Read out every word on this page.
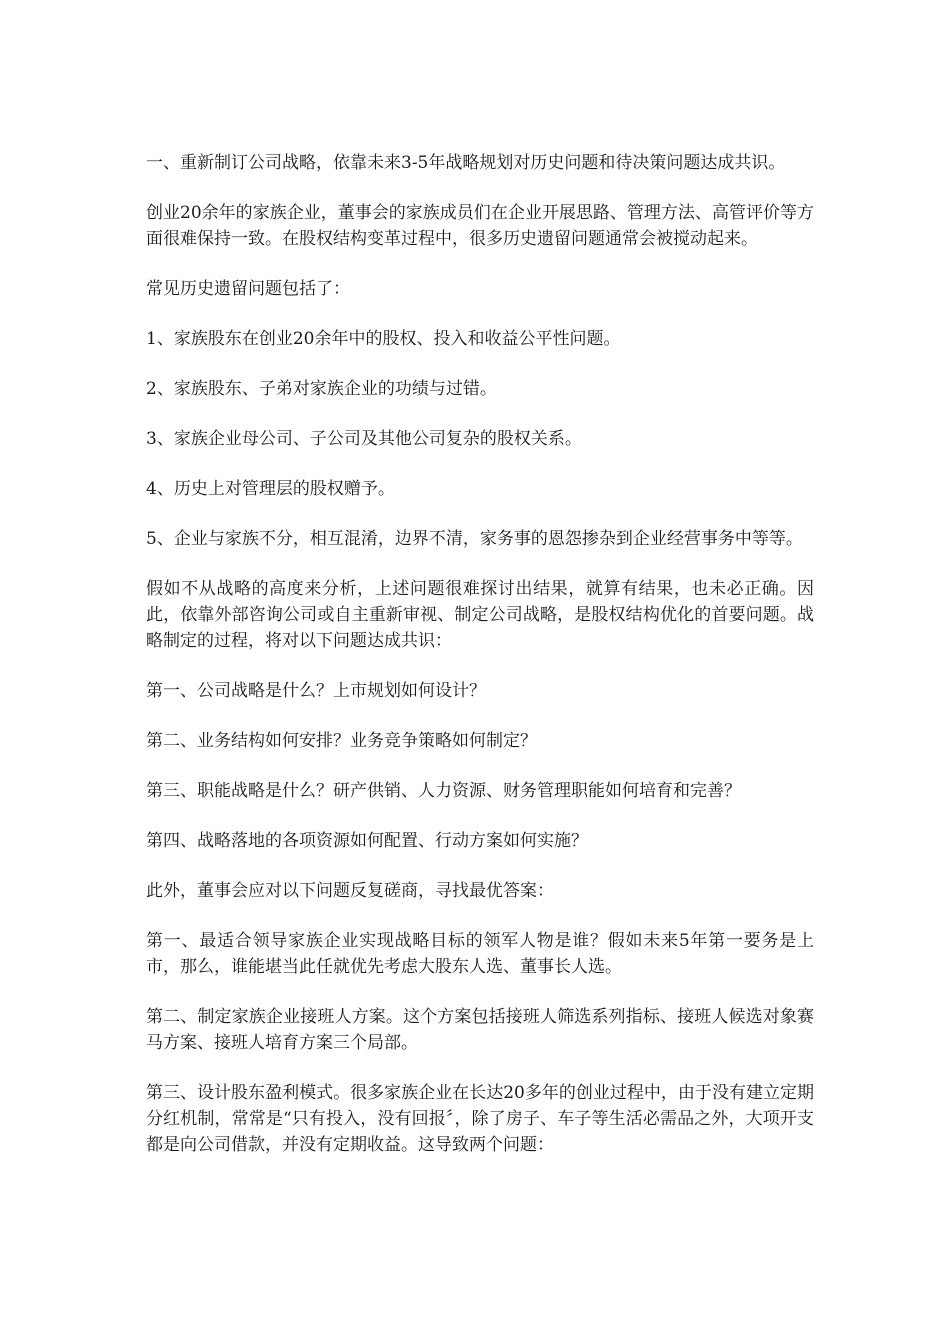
一、重新制订公司战略，依靠未来3-5年战略规划对历史问题和待决策问题达成共识。

创业20余年的家族企业，董事会的家族成员们在企业开展思路、管理方法、高管评价等方面很难保持一致。在股权结构变革过程中，很多历史遗留问题通常会被搅动起来。

常见历史遗留问题包括了：

1、家族股东在创业20余年中的股权、投入和收益公平性问题。

2、家族股东、子弟对家族企业的功绩与过错。

3、家族企业母公司、子公司及其他公司复杂的股权关系。

4、历史上对管理层的股权赠予。

5、企业与家族不分，相互混淆，边界不清，家务事的恩怨掺杂到企业经营事务中等等。

假如不从战略的高度来分析，上述问题很难探讨出结果，就算有结果，也未必正确。因此，依靠外部咨询公司或自主重新审视、制定公司战略，是股权结构优化的首要问题。战略制定的过程，将对以下问题达成共识：

第一、公司战略是什么？上市规划如何设计？

第二、业务结构如何安排？业务竞争策略如何制定？

第三、职能战略是什么？研产供销、人力资源、财务管理职能如何培育和完善？

第四、战略落地的各项资源如何配置、行动方案如何实施？

此外，董事会应对以下问题反复磋商，寻找最优答案：

第一、最适合领导家族企业实现战略目标的领军人物是谁？假如未来5年第一要务是上市，那么，谁能堪当此任就优先考虑大股东人选、董事长人选。

第二、制定家族企业接班人方案。这个方案包括接班人筛选系列指标、接班人候选对象赛马方案、接班人培育方案三个局部。

第三、设计股东盈利模式。很多家族企业在长达20多年的创业过程中，由于没有建立定期分红机制，常常是“只有投入，没有回报〞，除了房子、车子等生活必需品之外，大项开支都是向公司借款，并没有定期收益。这导致两个问题：
